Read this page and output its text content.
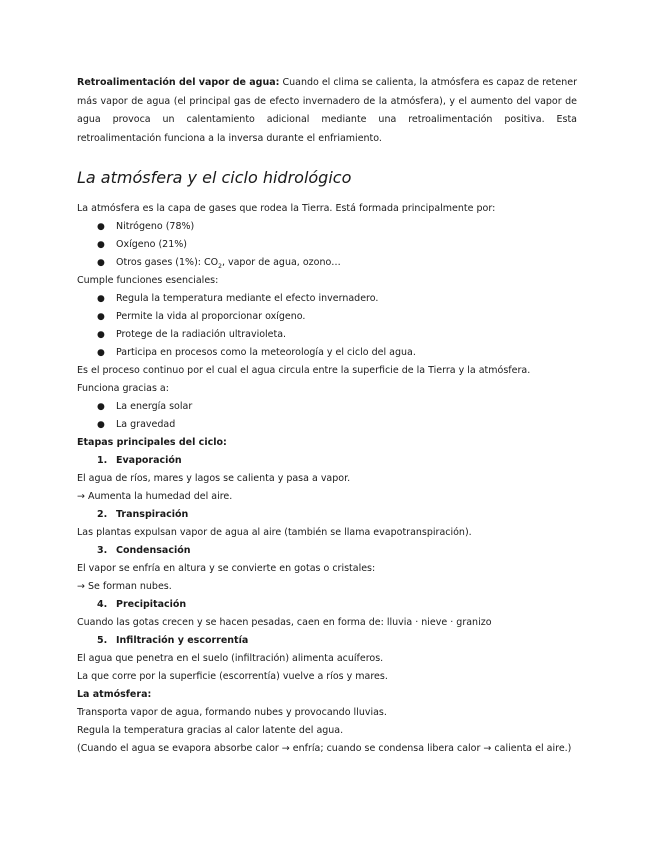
Retroalimentación del vapor de agua: Cuando el clima se calienta, la atmósfera es capaz de retener más vapor de agua (el principal gas de efecto invernadero de la atmósfera), y el aumento del vapor de agua provoca un calentamiento adicional mediante una retroalimentación positiva. Esta retroalimentación funciona a la inversa durante el enfriamiento.

La atmósfera y el ciclo hidrológico

La atmósfera es la capa de gases que rodea la Tierra. Está formada principalmente por:

● Nitrógeno (78%)
● Oxígeno (21%)
● Otros gases (1%): $CO_2$, vapor de agua, ozono…

Cumple funciones esenciales:

● Regula la temperatura mediante el efecto invernadero.
● Permite la vida al proporcionar oxígeno.
● Protege de la radiación ultravioleta.
● Participa en procesos como la meteorología y el ciclo del agua.

Es el proceso continuo por el cual el agua circula entre la superficie de la Tierra y la atmósfera.

Funciona gracias a:

● La energía solar
● La gravedad

Etapas principales del ciclo:

1. Evaporación

El agua de ríos, mares y lagos se calienta y pasa a vapor.

→ Aumenta la humedad del aire.

2. Transpiración

Las plantas expulsan vapor de agua al aire (también se llama evapotranspiración).

3. Condensación

El vapor se enfría en altura y se convierte en gotas o cristales:

→ Se forman nubes.

4. Precipitación

Cuando las gotas crecen y se hacen pesadas, caen en forma de: lluvia · nieve · granizo

5. Infiltración y escorrentía

El agua que penetra en el suelo (infiltración) alimenta acuíferos.

La que corre por la superficie (escorrentía) vuelve a ríos y mares.

La atmósfera:

Transporta vapor de agua, formando nubes y provocando lluvias.

Regula la temperatura gracias al calor latente del agua.

(Cuando el agua se evapora absorbe calor → enfría; cuando se condensa libera calor → calienta el aire.)
